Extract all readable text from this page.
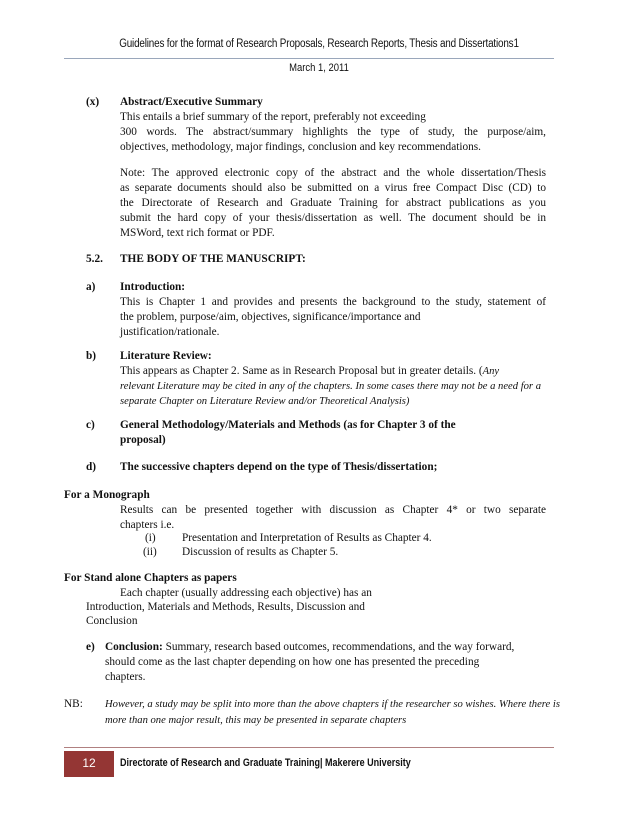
Guidelines for the format of Research Proposals, Research Reports, Thesis and Dissertations1
March 1, 2011
(x) Abstract/Executive Summary
This entails a brief summary of the report, preferably not exceeding
300 words. The abstract/summary highlights the type of study, the purpose/aim,
objectives, methodology, major findings, conclusion and key recommendations.
Note: The approved electronic copy of the abstract and the whole dissertation/Thesis
as separate documents should also be submitted on a virus free Compact Disc (CD) to
the Directorate of Research and Graduate Training for abstract publications as you
submit the hard copy of your thesis/dissertation as well. The document should be in
MSWord, text rich format or PDF.
5.2. THE BODY OF THE MANUSCRIPT:
a) Introduction:
This is Chapter 1 and provides and presents the background to the study, statement of
the problem, purpose/aim, objectives, significance/importance and
justification/rationale.
b) Literature Review:
This appears as Chapter 2. Same as in Research Proposal but in greater details. (Any
relevant Literature may be cited in any of the chapters. In some cases there may not be a need for a
separate Chapter on Literature Review and/or Theoretical Analysis)
c) General Methodology/Materials and Methods (as for Chapter 3 of the
proposal)
d) The successive chapters depend on the type of Thesis/dissertation;
For a Monograph
Results can be presented together with discussion as Chapter 4* or two separate
chapters i.e.
(i) Presentation and Interpretation of Results as Chapter 4.
(ii) Discussion of results as Chapter 5.
For Stand alone Chapters as papers
Each chapter (usually addressing each objective) has an
Introduction, Materials and Methods, Results, Discussion and
Conclusion
e) Conclusion: Summary, research based outcomes, recommendations, and the way forward,
should come as the last chapter depending on how one has presented the preceding
chapters.
NB: However, a study may be split into more than the above chapters if the researcher so wishes. Where there is
more than one major result, this may be presented in separate chapters
12	Directorate of Research and Graduate Training| Makerere University
